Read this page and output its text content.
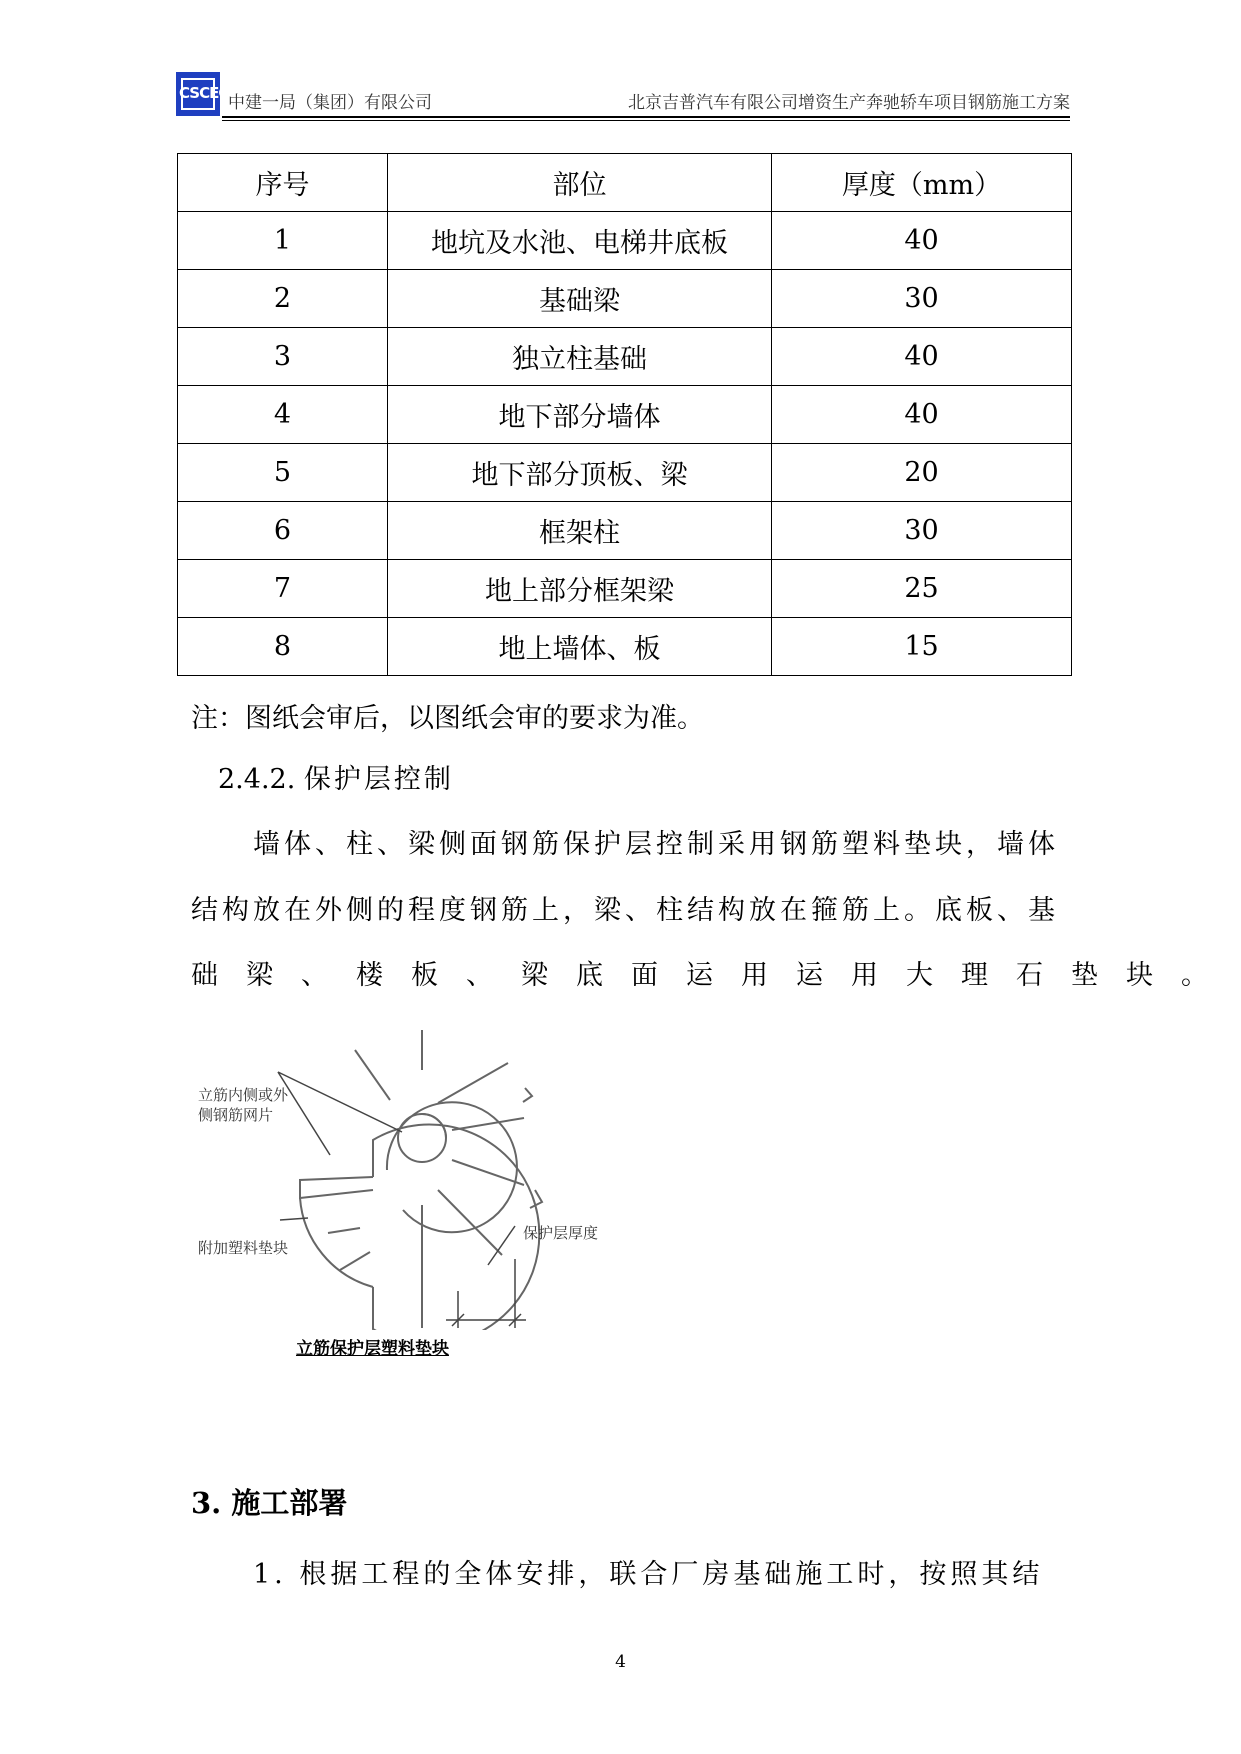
CSCEC 中建一局（集团）有限公司	北京吉普汽车有限公司增资生产奔驰轿车项目钢筋施工方案
序号	部位	厚度（mm）
1	地坑及水池、电梯井底板	40
2	基础梁	30
3	独立柱基础	40
4	地下部分墙体	40
5	地下部分顶板、梁	20
6	框架柱	30
7	地上部分框架梁	25
8	地上墙体、板	15
注：图纸会审后，以图纸会审的要求为准。
2.4.2. 保护层控制
墙体、柱、梁侧面钢筋保护层控制采用钢筋塑料垫块，墙体
结构放在外侧的程度钢筋上，梁、柱结构放在箍筋上。底板、基
础梁、楼板、梁底面运用运用大理石垫块。
立筋内侧或外
侧钢筋网片
附加塑料垫块
保护层厚度
立筋保护层塑料垫块
3. 施工部署
1. 根据工程的全体安排，联合厂房基础施工时，按照其结
4
